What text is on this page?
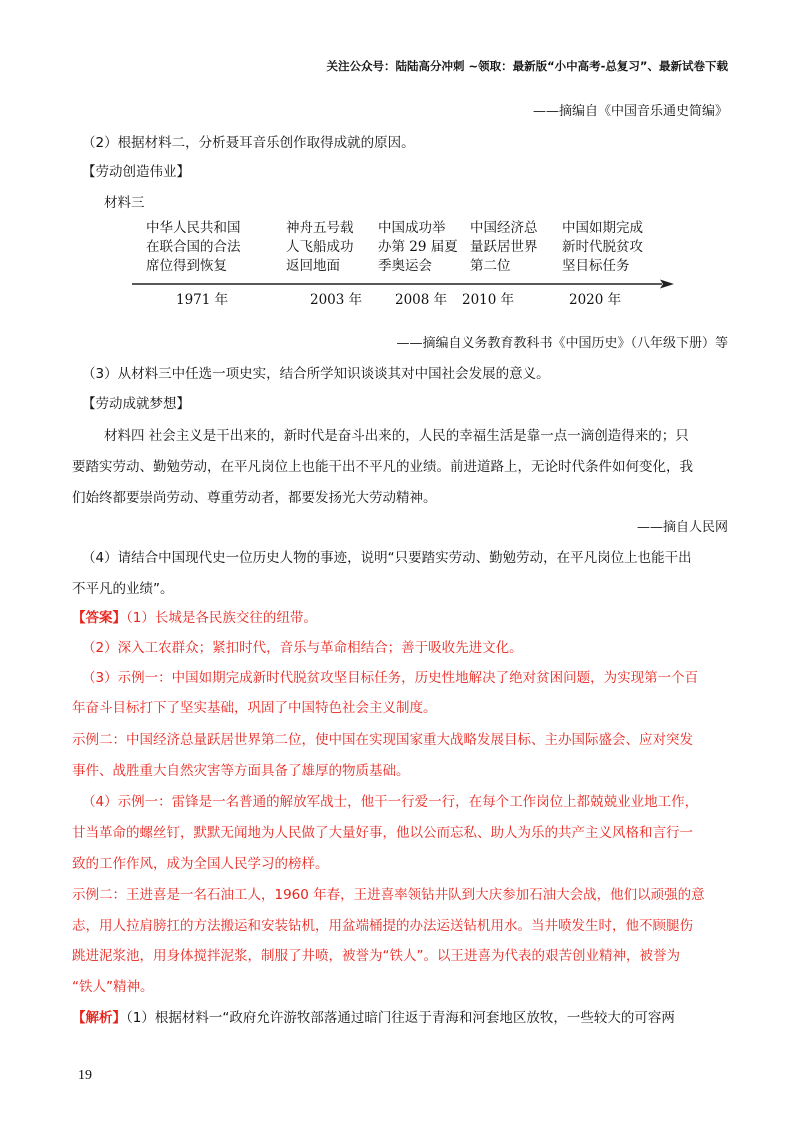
关注公众号：陆陆高分冲刺 ~领取：最新版“小中高考-总复习”、最新试卷下载
——摘编自《中国音乐通史简编》
（2）根据材料二，分析聂耳音乐创作取得成就的原因。
【劳动创造伟业】
材料三
中华人民共和国
在联合国的合法
席位得到恢复
神舟五号载
人飞船成功
返回地面
中国成功举
办第 29 届夏
季奥运会
中国经济总
量跃居世界
第二位
中国如期完成
新时代脱贫攻
坚目标任务
1971 年	2003 年 2008 年 2010 年	2020 年
——摘编自义务教育教科书《中国历史》（八年级下册）等
（3）从材料三中任选一项史实，结合所学知识谈谈其对中国社会发展的意义。
【劳动成就梦想】
材料四 社会主义是干出来的，新时代是奋斗出来的，人民的幸福生活是靠一点一滴创造得来的；只
要踏实劳动、勤勉劳动，在平凡岗位上也能干出不平凡的业绩。前进道路上，无论时代条件如何变化，我
们始终都要崇尚劳动、尊重劳动者，都要发扬光大劳动精神。
——摘自人民网
（4）请结合中国现代史一位历史人物的事迹，说明“只要踏实劳动、勤勉劳动，在平凡岗位上也能干出
不平凡的业绩”。
【答案】（1）长城是各民族交往的纽带。
（2）深入工农群众；紧扣时代，音乐与革命相结合；善于吸收先进文化。
（3）示例一：中国如期完成新时代脱贫攻坚目标任务，历史性地解决了绝对贫困问题，为实现第一个百
年奋斗目标打下了坚实基础，巩固了中国特色社会主义制度。
示例二：中国经济总量跃居世界第二位，使中国在实现国家重大战略发展目标、主办国际盛会、应对突发
事件、战胜重大自然灾害等方面具备了雄厚的物质基础。
（4）示例一：雷锋是一名普通的解放军战士，他干一行爱一行，在每个工作岗位上都兢兢业业地工作，
甘当革命的螺丝钉，默默无闻地为人民做了大量好事，他以公而忘私、助人为乐的共产主义风格和言行一
致的工作作风，成为全国人民学习的榜样。
示例二：王进喜是一名石油工人，1960 年春，王进喜率领钻井队到大庆参加石油大会战，他们以顽强的意
志，用人拉肩膀扛的方法搬运和安装钻机，用盆端桶提的办法运送钻机用水。当井喷发生时，他不顾腿伤
跳进泥浆池，用身体搅拌泥浆，制服了井喷，被誉为“铁人”。以王进喜为代表的艰苦创业精神，被誉为
“铁人”精神。
【解析】（1）根据材料一“政府允许游牧部落通过暗门往返于青海和河套地区放牧，一些较大的可容两
19
